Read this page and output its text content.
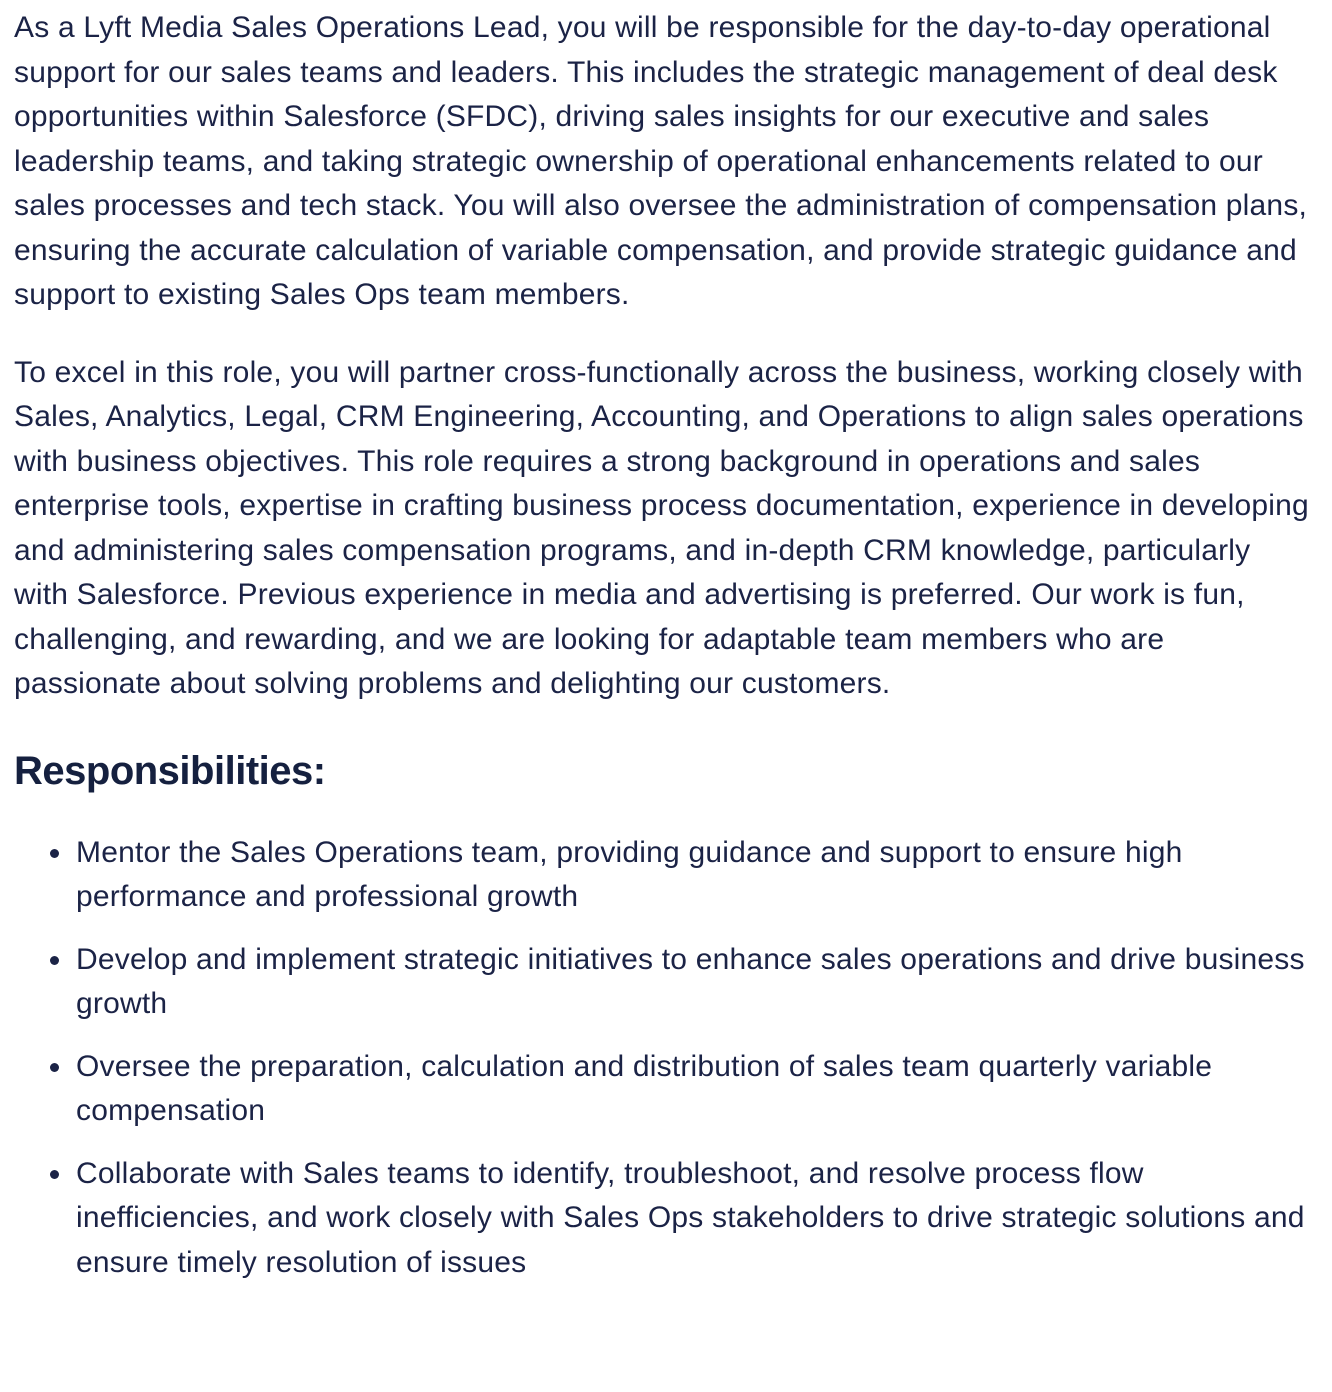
As a Lyft Media Sales Operations Lead, you will be responsible for the day-to-day operational support for our sales teams and leaders. This includes the strategic management of deal desk opportunities within Salesforce (SFDC), driving sales insights for our executive and sales leadership teams, and taking strategic ownership of operational enhancements related to our sales processes and tech stack. You will also oversee the administration of compensation plans, ensuring the accurate calculation of variable compensation, and provide strategic guidance and support to existing Sales Ops team members.

To excel in this role, you will partner cross-functionally across the business, working closely with Sales, Analytics, Legal, CRM Engineering, Accounting, and Operations to align sales operations with business objectives. This role requires a strong background in operations and sales enterprise tools, expertise in crafting business process documentation, experience in developing and administering sales compensation programs, and in-depth CRM knowledge, particularly with Salesforce. Previous experience in media and advertising is preferred. Our work is fun, challenging, and rewarding, and we are looking for adaptable team members who are passionate about solving problems and delighting our customers.

Responsibilities:
Mentor the Sales Operations team, providing guidance and support to ensure high performance and professional growth
Develop and implement strategic initiatives to enhance sales operations and drive business growth
Oversee the preparation, calculation and distribution of sales team quarterly variable compensation
Collaborate with Sales teams to identify, troubleshoot, and resolve process flow inefficiencies, and work closely with Sales Ops stakeholders to drive strategic solutions and ensure timely resolution of issues
